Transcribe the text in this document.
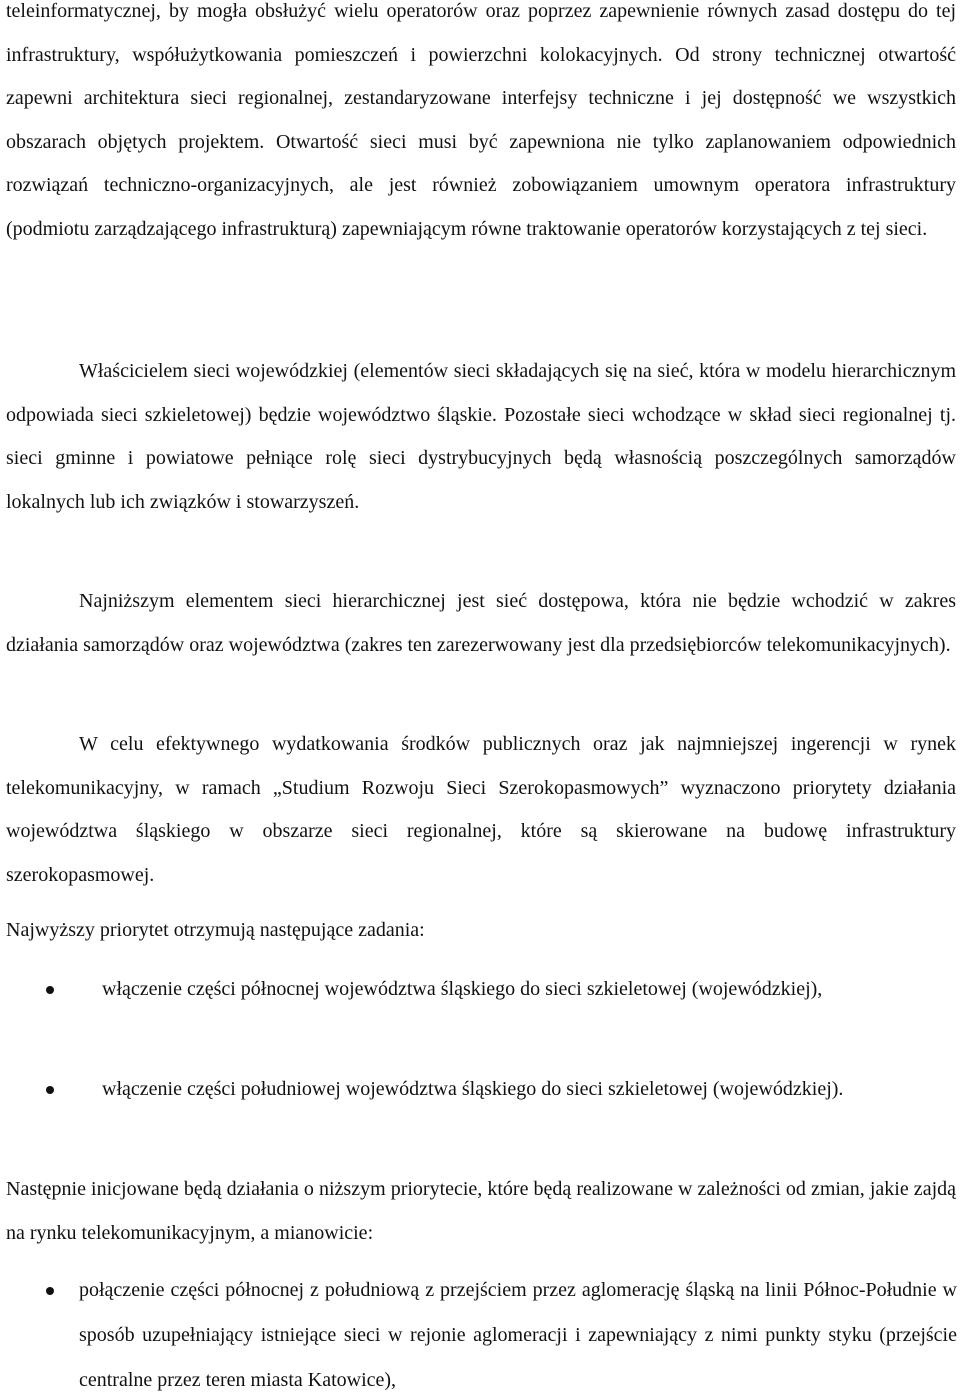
teleinformatycznej, by mogła obsłużyć wielu operatorów oraz poprzez zapewnienie równych zasad dostępu do tej infrastruktury, współużytkowania pomieszczeń i powierzchni kolokacyjnych. Od strony technicznej otwartość zapewni architektura sieci regionalnej, zestandaryzowane interfejsy techniczne i jej dostępność we wszystkich obszarach objętych projektem. Otwartość sieci musi być zapewniona nie tylko zaplanowaniem odpowiednich rozwiązań techniczno-organizacyjnych, ale jest również zobowiązaniem umownym operatora infrastruktury (podmiotu zarządzającego infrastrukturą) zapewniającym równe traktowanie operatorów korzystających z tej sieci.

Właścicielem sieci wojewódzkiej (elementów sieci składających się na sieć, która w modelu hierarchicznym odpowiada sieci szkieletowej) będzie województwo śląskie. Pozostałe sieci wchodzące w skład sieci regionalnej tj. sieci gminne i powiatowe pełniące rolę sieci dystrybucyjnych będą własnością poszczególnych samorządów lokalnych lub ich związków i stowarzyszeń.

Najniższym elementem sieci hierarchicznej jest sieć dostępowa, która nie będzie wchodzić w zakres działania samorządów oraz województwa (zakres ten zarezerwowany jest dla przedsiębiorców telekomunikacyjnych).

W celu efektywnego wydatkowania środków publicznych oraz jak najmniejszej ingerencji w rynek telekomunikacyjny, w ramach „Studium Rozwoju Sieci Szerokopasmowych” wyznaczono priorytety działania województwa śląskiego w obszarze sieci regionalnej, które są skierowane na budowę infrastruktury szerokopasmowej.

Najwyższy priorytet otrzymują następujące zadania:

włączenie części północnej województwa śląskiego do sieci szkieletowej (wojewódzkiej),

włączenie części południowej województwa śląskiego do sieci szkieletowej (wojewódzkiej).

Następnie inicjowane będą działania o niższym priorytecie, które będą realizowane w zależności od zmian, jakie zajdą na rynku telekomunikacyjnym, a mianowicie:

połączenie części północnej z południową z przejściem przez aglomerację śląską na linii Północ-Południe w sposób uzupełniający istniejące sieci w rejonie aglomeracji i zapewniający z nimi punkty styku (przejście centralne przez teren miasta Katowice),
